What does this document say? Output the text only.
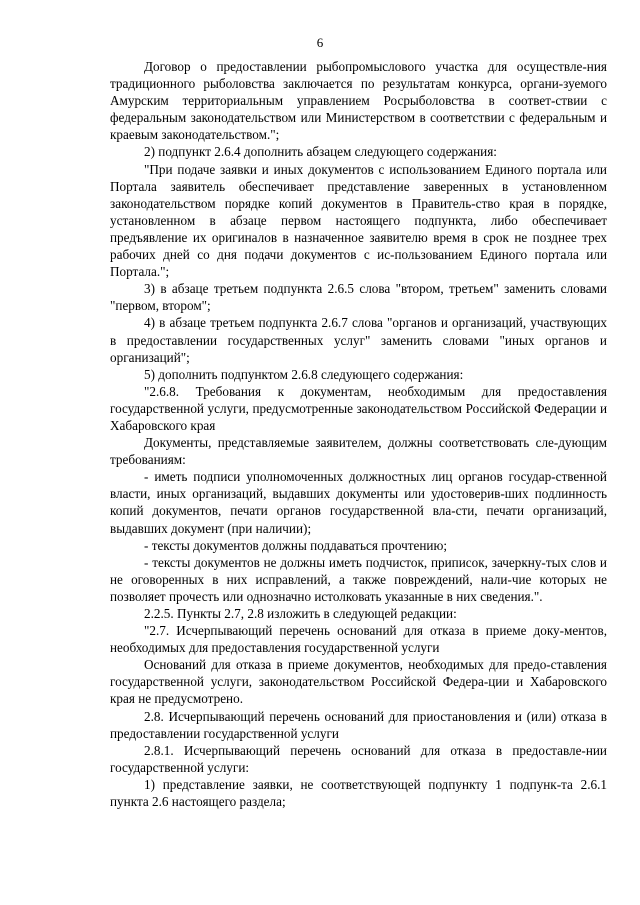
6

Договор о предоставлении рыбопромыслового участка для осуществле-ния традиционного рыболовства заключается по результатам конкурса, органи-зуемого Амурским территориальным управлением Росрыболовства в соответ-ствии с федеральным законодательством или Министерством в соответствии с федеральным и краевым законодательством.";

2) подпункт 2.6.4 дополнить абзацем следующего содержания:

"При подаче заявки и иных документов с использованием Единого портала или Портала заявитель обеспечивает представление заверенных в установленном законодательством порядке копий документов в Правитель-ство края в порядке, установленном в абзаце первом настоящего подпункта, либо обеспечивает предъявление их оригиналов в назначенное заявителю время в срок не позднее трех рабочих дней со дня подачи документов с ис-пользованием Единого портала или Портала.";

3) в абзаце третьем подпункта 2.6.5 слова "втором, третьем" заменить словами "первом, втором";

4) в абзаце третьем подпункта 2.6.7 слова "органов и организаций, участвующих в предоставлении государственных услуг" заменить словами "иных органов и организаций";

5) дополнить подпунктом 2.6.8 следующего содержания:

"2.6.8. Требования к документам, необходимым для предоставления государственной услуги, предусмотренные законодательством Российской Федерации и Хабаровского края

Документы, представляемые заявителем, должны соответствовать сле-дующим требованиям:

- иметь подписи уполномоченных должностных лиц органов государ-ственной власти, иных организаций, выдавших документы или удостоверив-ших подлинность копий документов, печати органов государственной вла-сти, печати организаций, выдавших документ (при наличии);

- тексты документов должны поддаваться прочтению;

- тексты документов не должны иметь подчисток, приписок, зачеркну-тых слов и не оговоренных в них исправлений, а также повреждений, нали-чие которых не позволяет прочесть или однозначно истолковать указанные в них сведения.".

2.2.5. Пункты 2.7, 2.8 изложить в следующей редакции:

"2.7. Исчерпывающий перечень оснований для отказа в приеме доку-ментов, необходимых для предоставления государственной услуги

Оснований для отказа в приеме документов, необходимых для предо-ставления государственной услуги, законодательством Российской Федера-ции и Хабаровского края не предусмотрено.

2.8. Исчерпывающий перечень оснований для приостановления и (или) отказа в предоставлении государственной услуги

2.8.1. Исчерпывающий перечень оснований для отказа в предоставле-нии государственной услуги:

1) представление заявки, не соответствующей подпункту 1 подпунк-та 2.6.1 пункта 2.6 настоящего раздела;
